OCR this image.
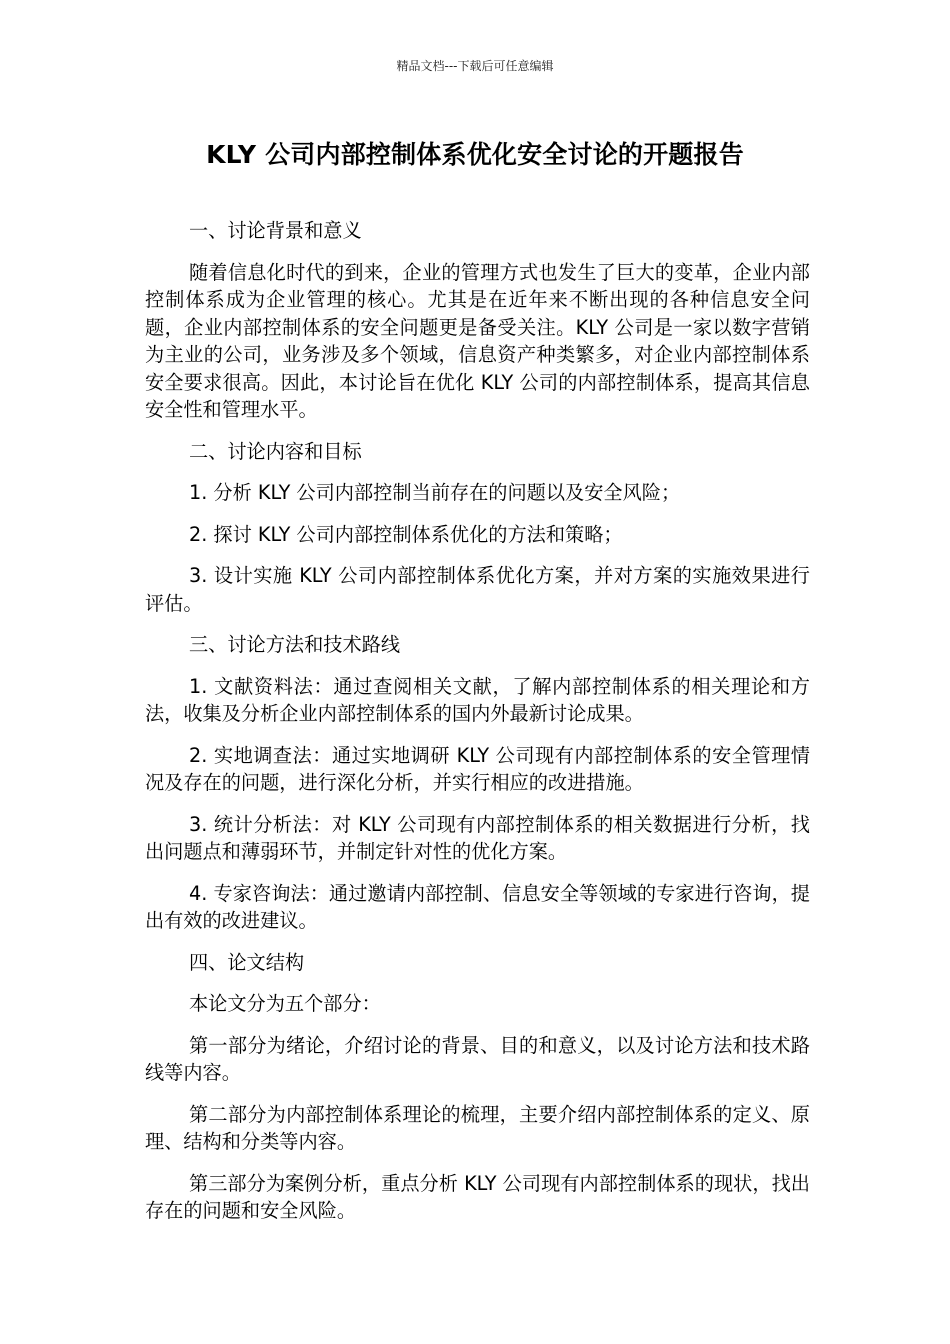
精品文档---下载后可任意编辑
KLY 公司内部控制体系优化安全讨论的开题报告

一、讨论背景和意义

随着信息化时代的到来，企业的管理方式也发生了巨大的变革，企业内部控制体系成为企业管理的核心。尤其是在近年来不断出现的各种信息安全问题，企业内部控制体系的安全问题更是备受关注。KLY 公司是一家以数字营销为主业的公司，业务涉及多个领域，信息资产种类繁多，对企业内部控制体系安全要求很高。因此，本讨论旨在优化 KLY 公司的内部控制体系，提高其信息安全性和管理水平。

二、讨论内容和目标

1. 分析 KLY 公司内部控制当前存在的问题以及安全风险；

2. 探讨 KLY 公司内部控制体系优化的方法和策略；

3. 设计实施 KLY 公司内部控制体系优化方案，并对方案的实施效果进行评估。

三、讨论方法和技术路线

1. 文献资料法：通过查阅相关文献，了解内部控制体系的相关理论和方法，收集及分析企业内部控制体系的国内外最新讨论成果。

2. 实地调查法：通过实地调研 KLY 公司现有内部控制体系的安全管理情况及存在的问题，进行深化分析，并实行相应的改进措施。

3. 统计分析法：对 KLY 公司现有内部控制体系的相关数据进行分析，找出问题点和薄弱环节，并制定针对性的优化方案。

4. 专家咨询法：通过邀请内部控制、信息安全等领域的专家进行咨询，提出有效的改进建议。

四、论文结构

本论文分为五个部分：

第一部分为绪论，介绍讨论的背景、目的和意义，以及讨论方法和技术路线等内容。

第二部分为内部控制体系理论的梳理，主要介绍内部控制体系的定义、原理、结构和分类等内容。

第三部分为案例分析，重点分析 KLY 公司现有内部控制体系的现状，找出存在的问题和安全风险。
